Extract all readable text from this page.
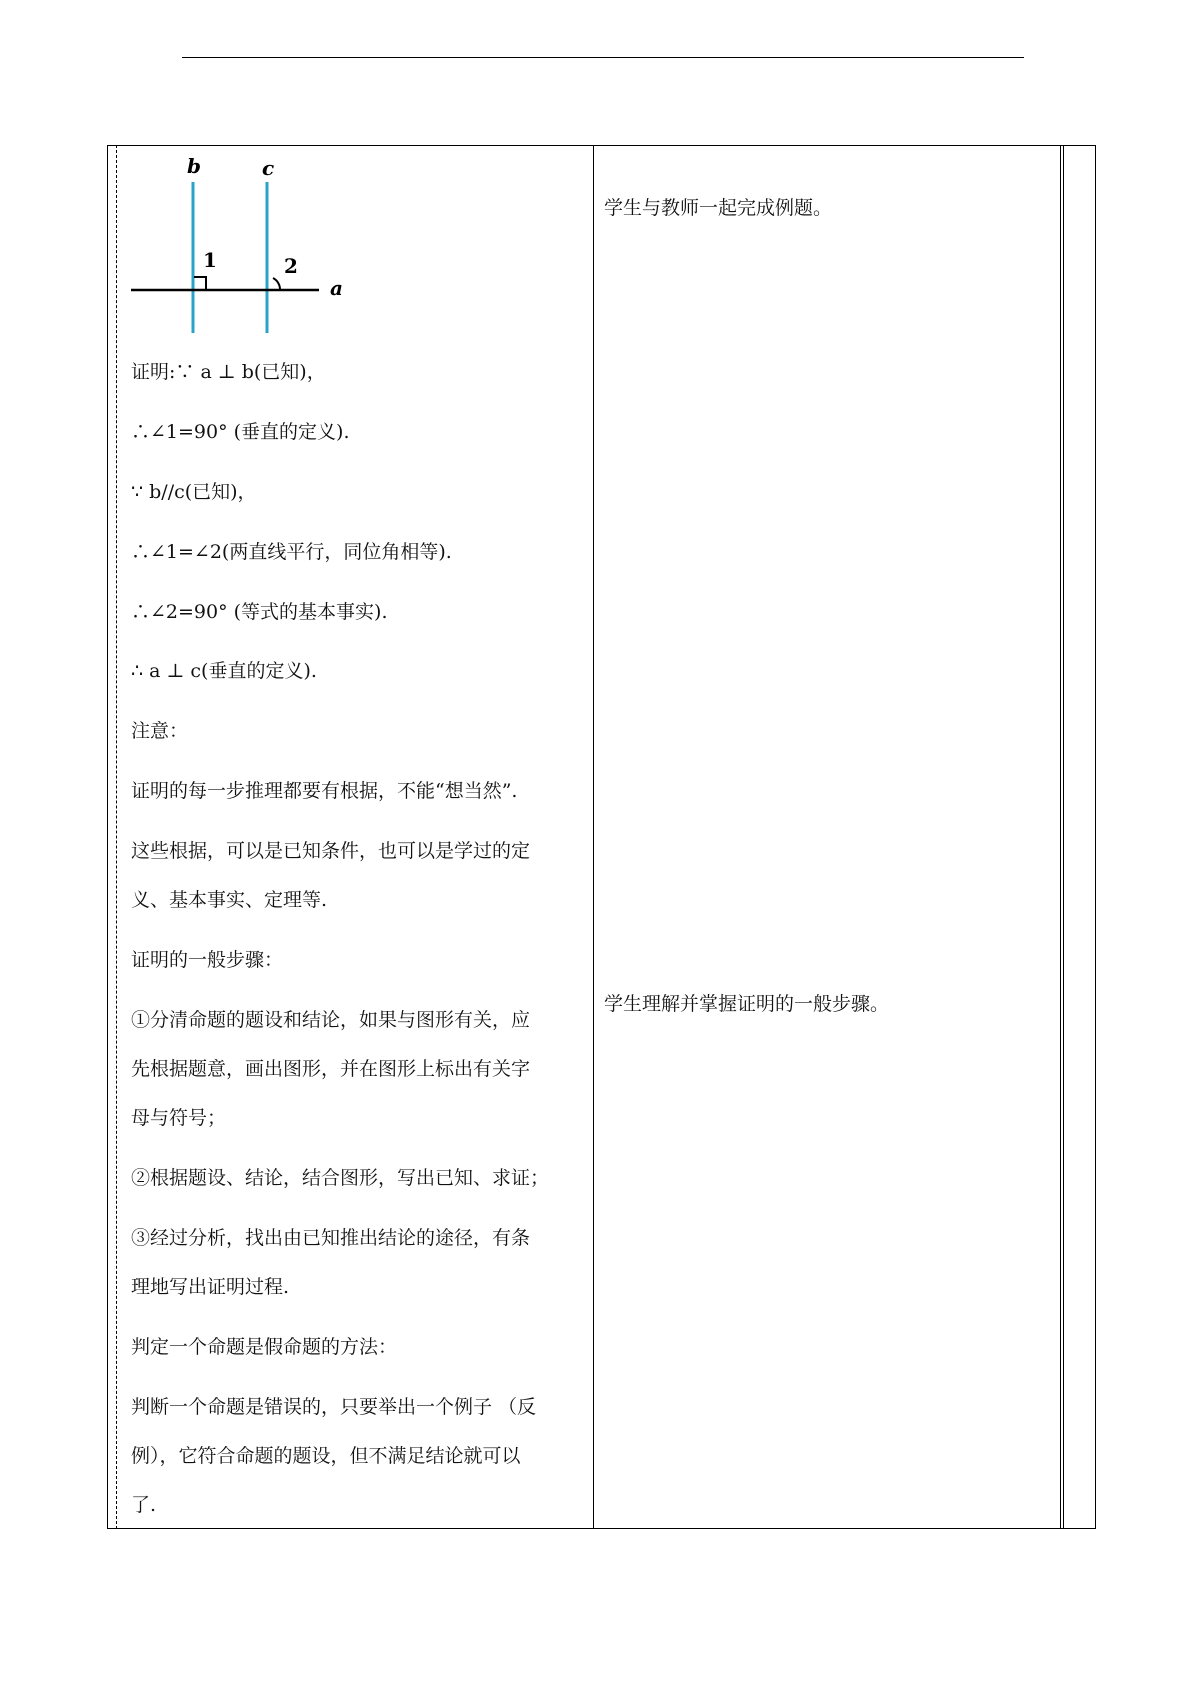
b	c
1	2
a
证明:∵ a ⊥ b(已知)，
∴∠1=90° (垂直的定义).
∵ b//c(已知)，
∴∠1=∠2(两直线平行，同位角相等).
∴∠2=90° (等式的基本事实).
∴ a ⊥ c(垂直的定义).
注意：
证明的每一步推理都要有根据，不能“想当然”.
这些根据，可以是已知条件，也可以是学过的定
义、基本事实、定理等.
证明的一般步骤：
①分清命题的题设和结论，如果与图形有关，应
先根据题意，画出图形，并在图形上标出有关字
母与符号；
②根据题设、结论，结合图形，写出已知、求证；
③经过分析，找出由已知推出结论的途径，有条
理地写出证明过程.
判定一个命题是假命题的方法：
判断一个命题是错误的，只要举出一个例子 （反
例），它符合命题的题设，但不满足结论就可以
了.
学生与教师一起完成例题。
学生理解并掌握证明的一般步骤。
